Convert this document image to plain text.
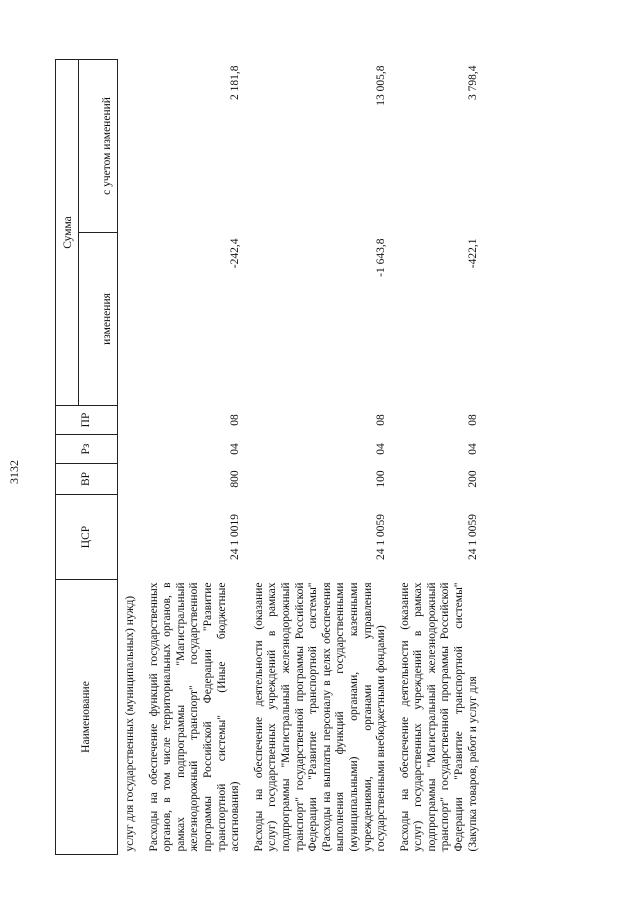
3132
Наименование	ЦСР	ВР	Рз	ПР	Сумма	
					изменения	с учетом изменений
услуг для государственных (муниципальных) нужд)						
Расходы на обеспечение функций государственных органов, в том числе территориальных органов, в рамках подпрограммы "Магистральный железнодорожный транспорт" государственной программы Российской Федерации "Развитие транспортной системы" (Иные бюджетные ассигнования)	24 1 0019	800	04	08	-242,4	2 181,8
Расходы на обеспечение деятельности (оказание услуг) государственных учреждений в рамках подпрограммы "Магистральный железнодорожный транспорт" государственной программы Российской Федерации "Развитие транспортной системы" (Расходы на выплаты персоналу в целях обеспечения выполнения функций государственными (муниципальными) органами, казенными учреждениями, органами управления государственными внебюджетными фондами)	24 1 0059	100	04	08	-1 643,8	13 005,8
Расходы на обеспечение деятельности (оказание услуг) государственных учреждений в рамках подпрограммы "Магистральный железнодорожный транспорт" государственной программы Российской Федерации "Развитие транспортной системы" (Закупка товаров, работ и услуг для	24 1 0059	200	04	08	-422,1	3 798,4
